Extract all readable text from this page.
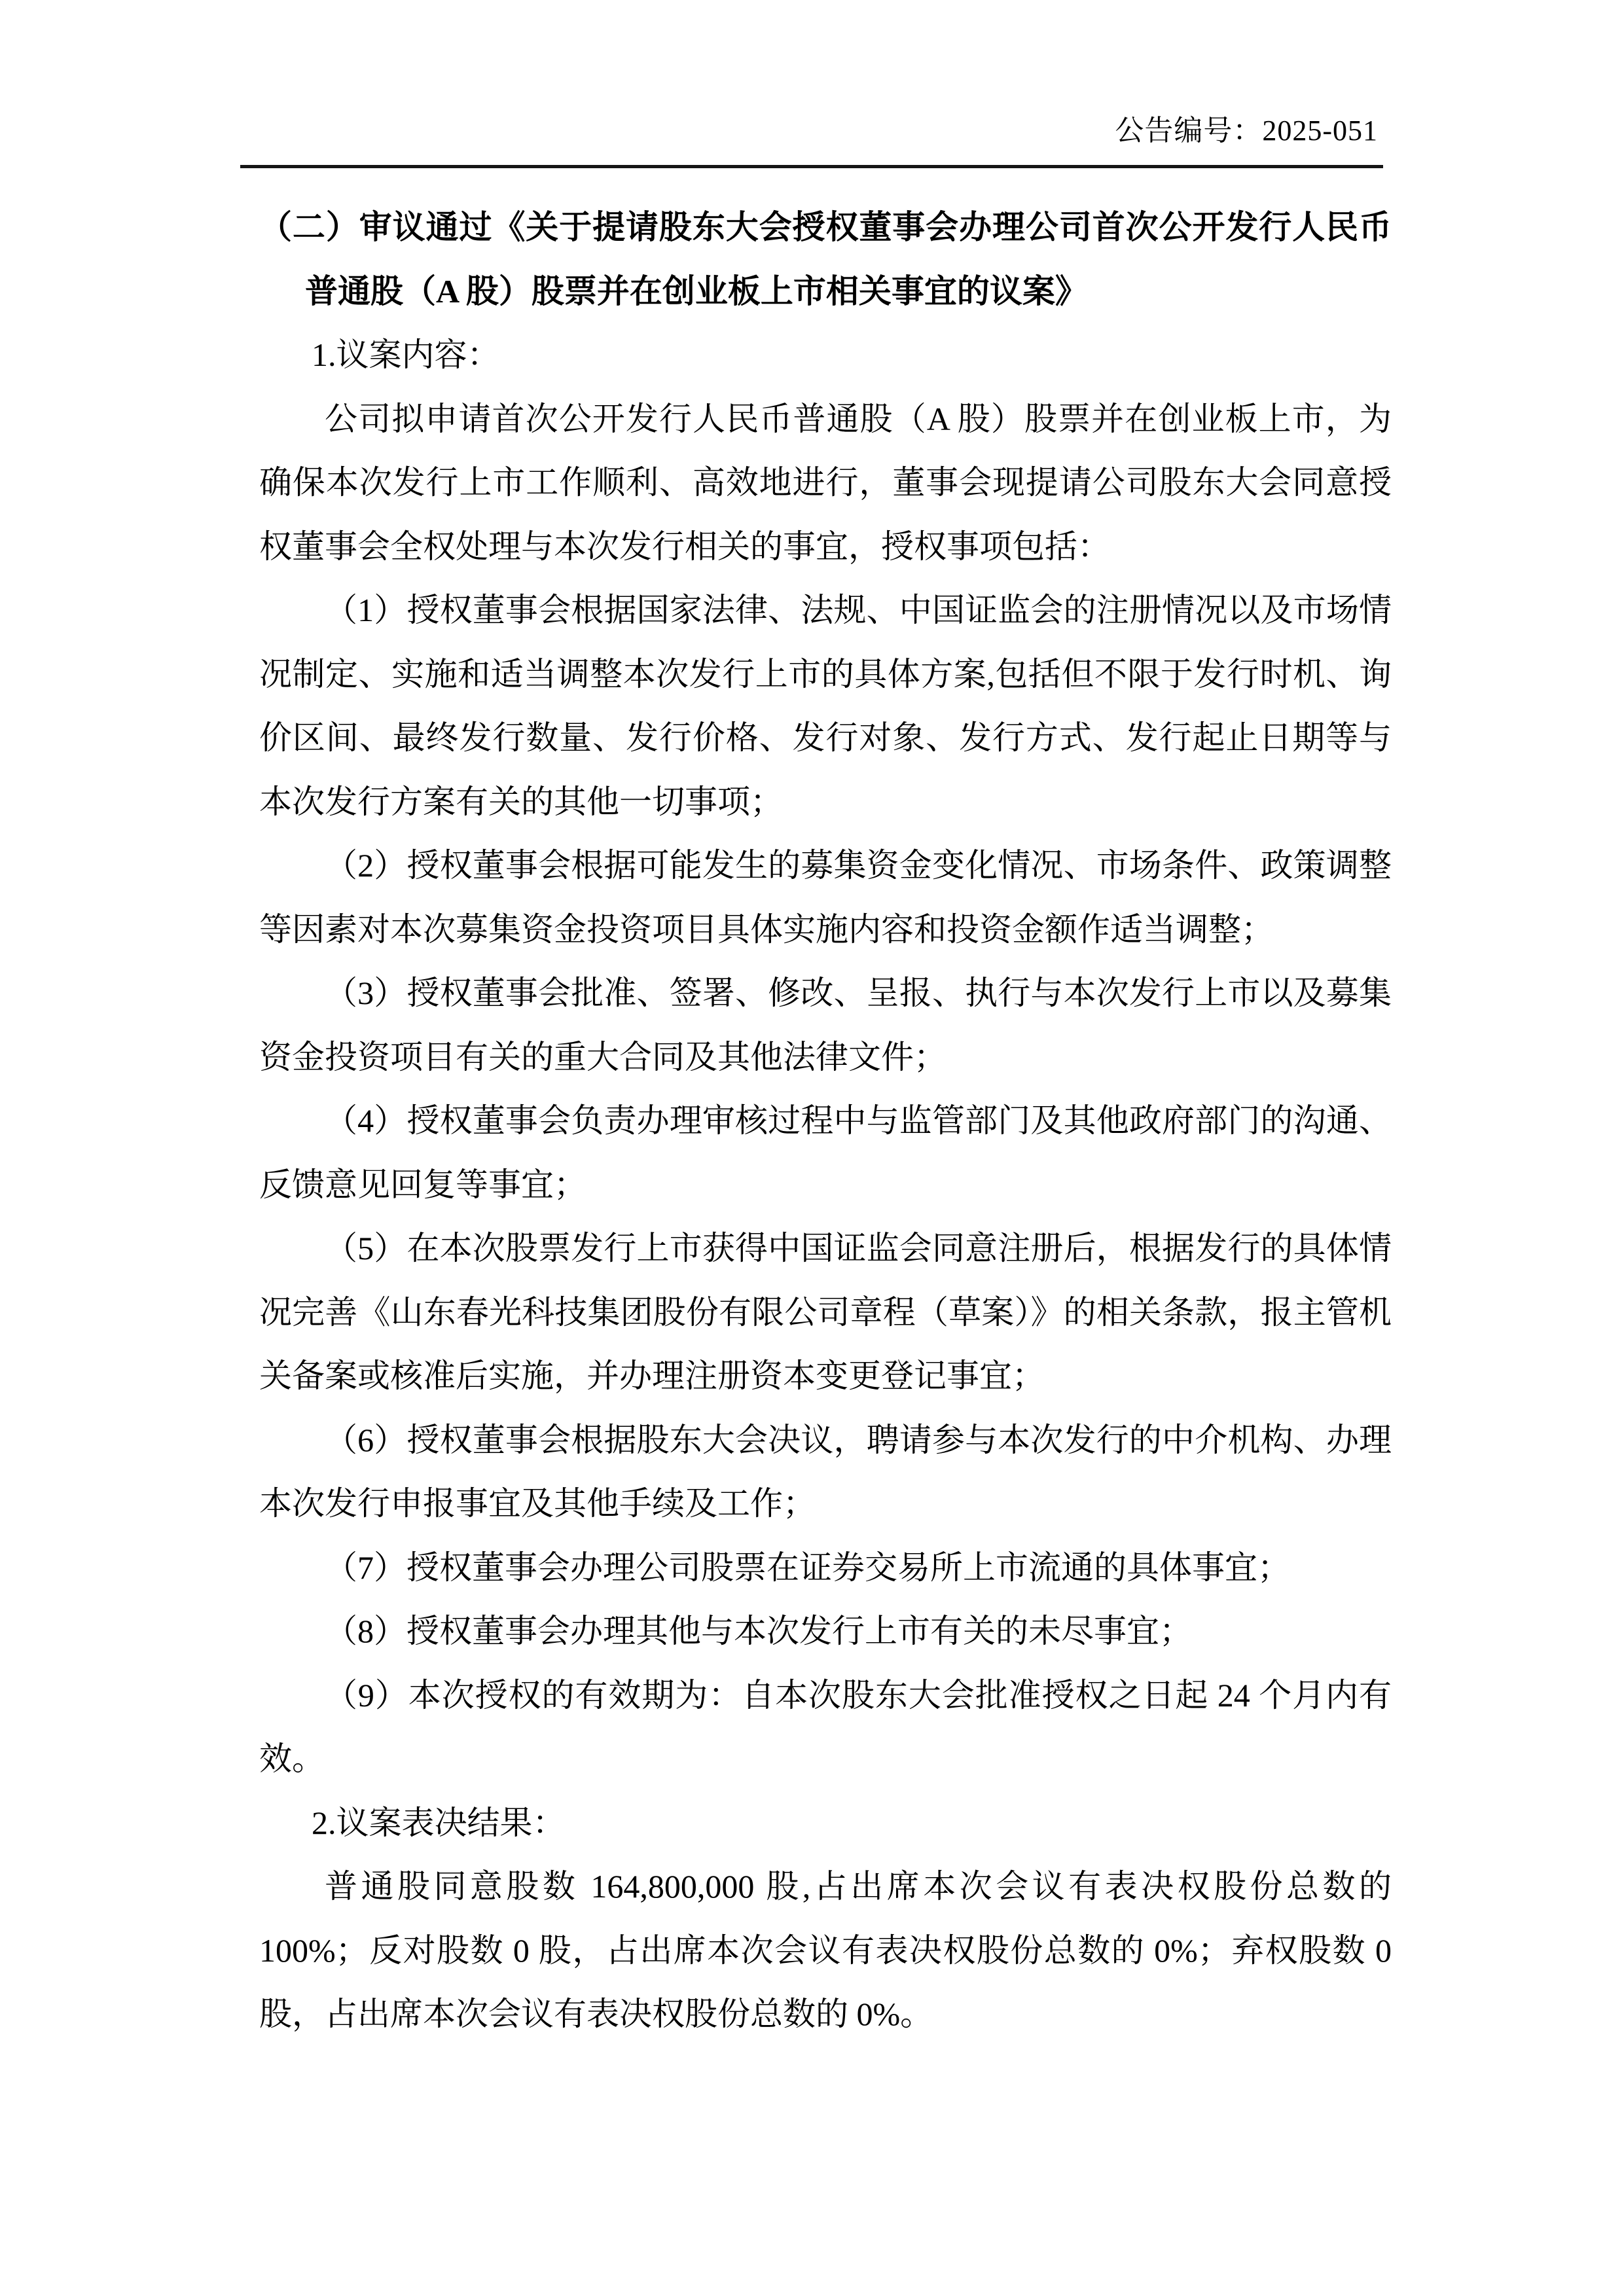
公告编号：2025-051

（二）审议通过《关于提请股东大会授权董事会办理公司首次公开发行人民币普通股（A 股）股票并在创业板上市相关事宜的议案》

1.议案内容：

公司拟申请首次公开发行人民币普通股（A 股）股票并在创业板上市，为确保本次发行上市工作顺利、高效地进行，董事会现提请公司股东大会同意授权董事会全权处理与本次发行相关的事宜，授权事项包括：

（1）授权董事会根据国家法律、法规、中国证监会的注册情况以及市场情况制定、实施和适当调整本次发行上市的具体方案,包括但不限于发行时机、询价区间、最终发行数量、发行价格、发行对象、发行方式、发行起止日期等与本次发行方案有关的其他一切事项；

（2）授权董事会根据可能发生的募集资金变化情况、市场条件、政策调整等因素对本次募集资金投资项目具体实施内容和投资金额作适当调整；

（3）授权董事会批准、签署、修改、呈报、执行与本次发行上市以及募集资金投资项目有关的重大合同及其他法律文件；

（4）授权董事会负责办理审核过程中与监管部门及其他政府部门的沟通、反馈意见回复等事宜；

（5）在本次股票发行上市获得中国证监会同意注册后，根据发行的具体情况完善《山东春光科技集团股份有限公司章程（草案）》的相关条款，报主管机关备案或核准后实施，并办理注册资本变更登记事宜；

（6）授权董事会根据股东大会决议，聘请参与本次发行的中介机构、办理本次发行申报事宜及其他手续及工作；

（7）授权董事会办理公司股票在证券交易所上市流通的具体事宜；

（8）授权董事会办理其他与本次发行上市有关的未尽事宜；

（9）本次授权的有效期为：自本次股东大会批准授权之日起 24 个月内有效。

2.议案表决结果：

普通股同意股数 164,800,000 股,占出席本次会议有表决权股份总数的 100%；反对股数 0 股，占出席本次会议有表决权股份总数的 0%；弃权股数 0 股，占出席本次会议有表决权股份总数的 0%。
